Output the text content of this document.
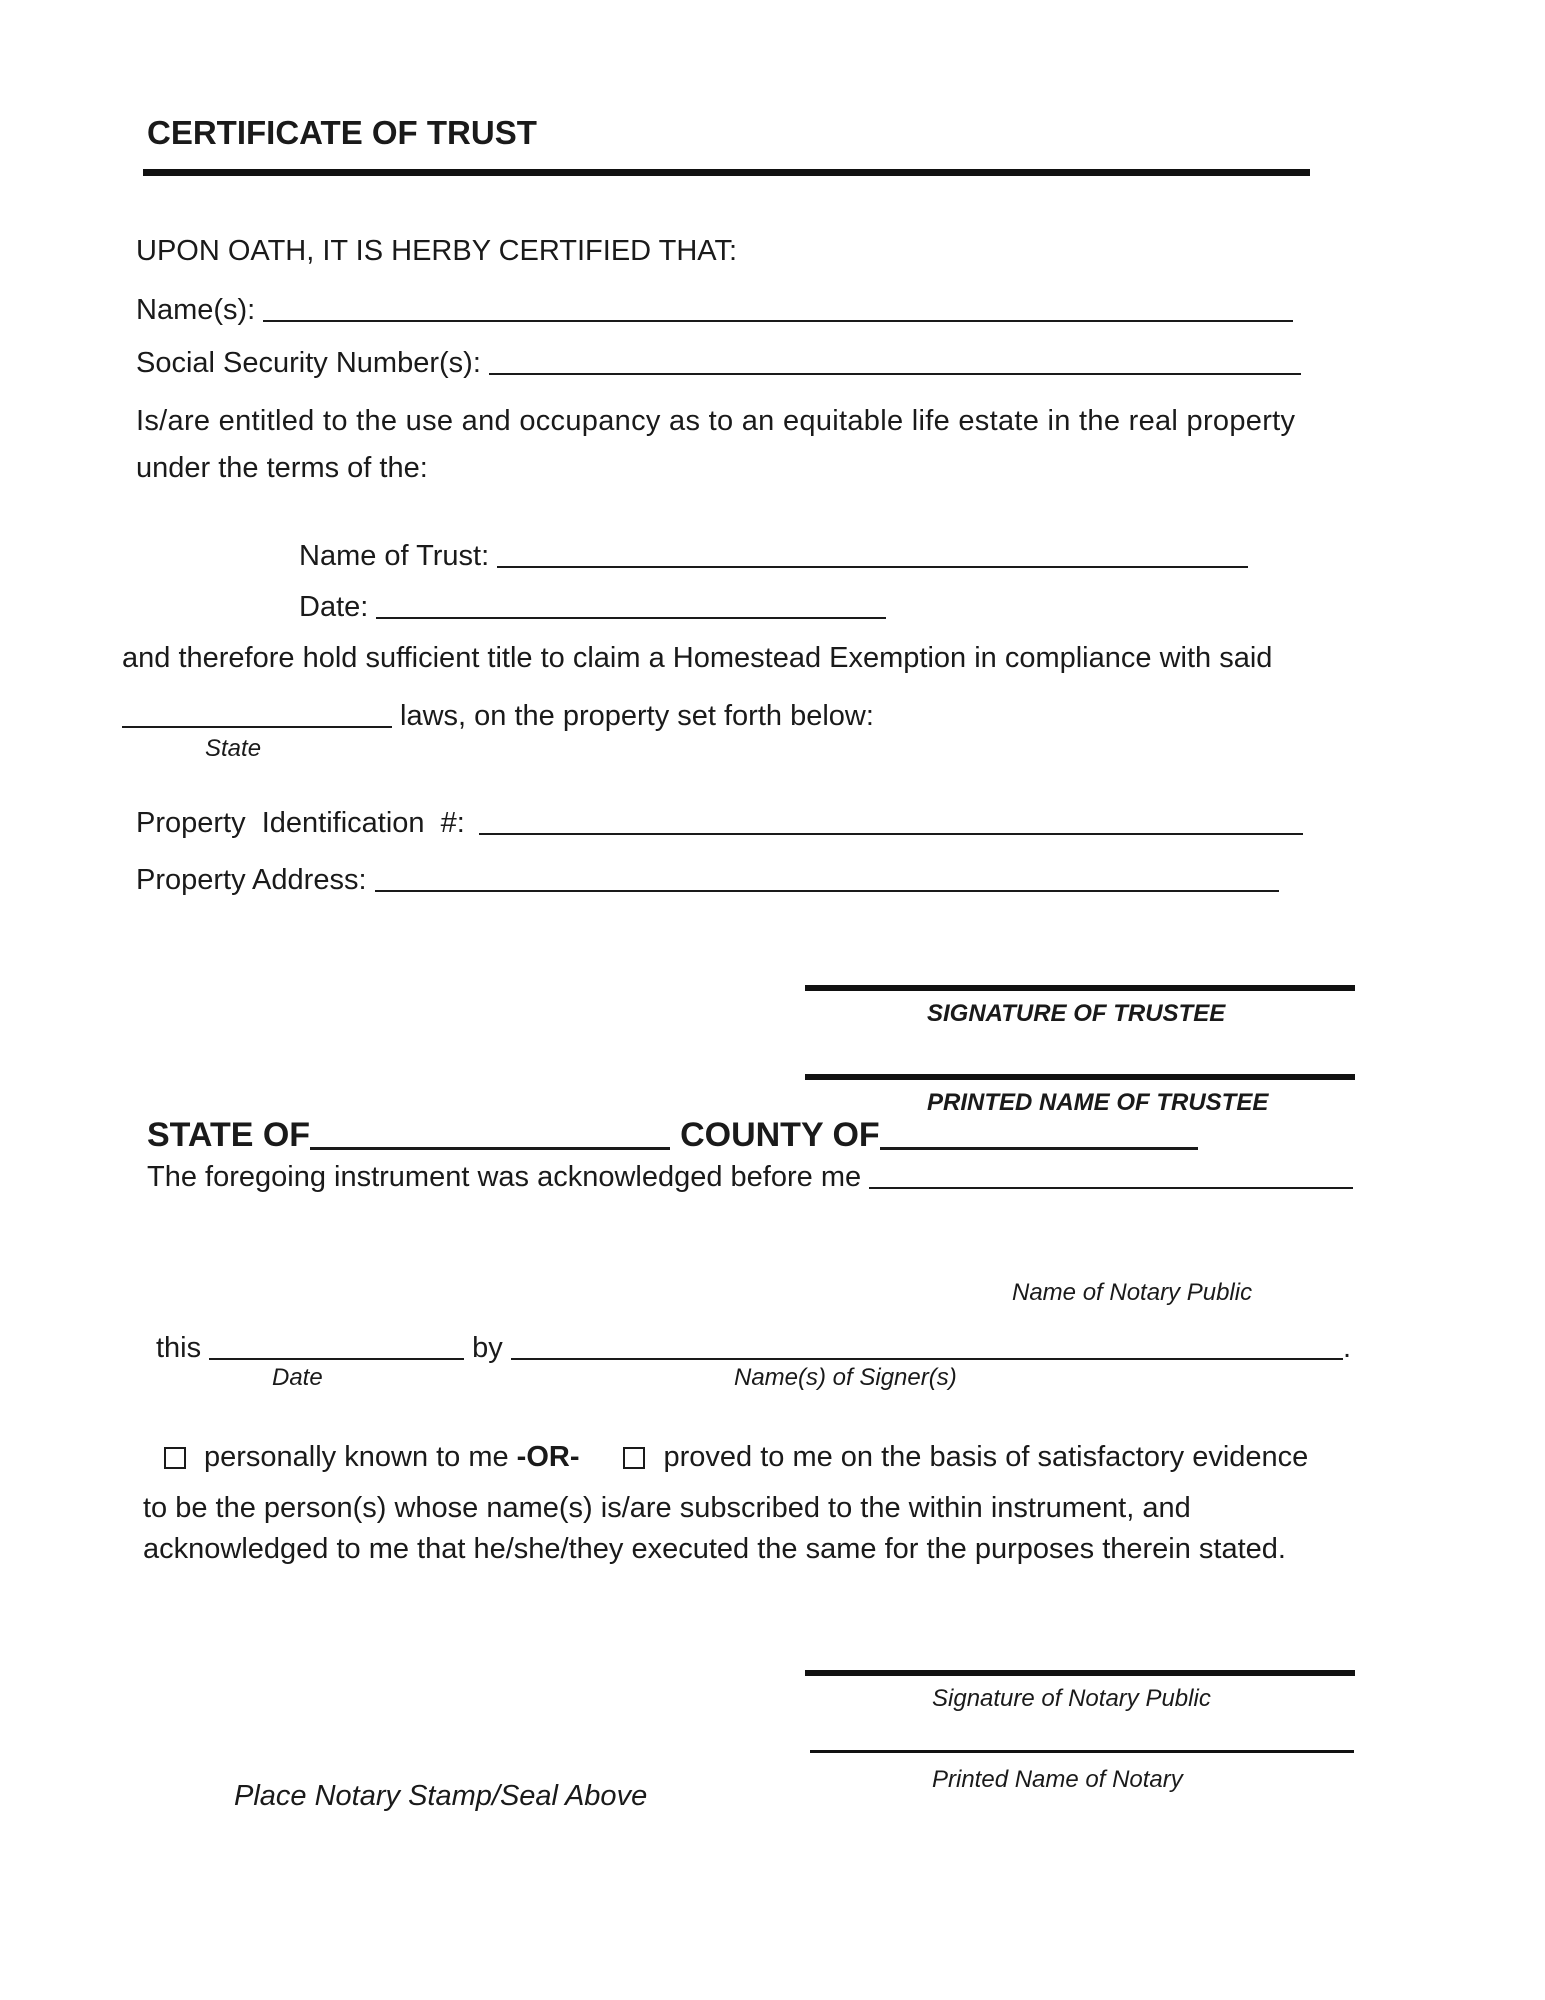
CERTIFICATE OF TRUST
UPON OATH, IT IS HERBY CERTIFIED THAT:
Name(s):
Social Security Number(s):
Is/are entitled to the use and occupancy as to an equitable life estate in the real property
under the terms of the:
Name of Trust:
Date:
and therefore hold sufficient title to claim a Homestead Exemption in compliance with said
laws, on the property set forth below:
State
Property  Identification  #:
Property Address:
SIGNATURE OF TRUSTEE
PRINTED NAME OF TRUSTEE
STATE OF	COUNTY OF
The foregoing instrument was acknowledged before me
Name of Notary Public
this	by	.
Date	Name(s) of Signer(s)
personally known to me -OR-	proved to me on the basis of satisfactory evidence
to be the person(s) whose name(s) is/are subscribed to the within instrument, and
acknowledged to me that he/she/they executed the same for the purposes therein stated.
Signature of Notary Public
Printed Name of Notary
Place Notary Stamp/Seal Above
